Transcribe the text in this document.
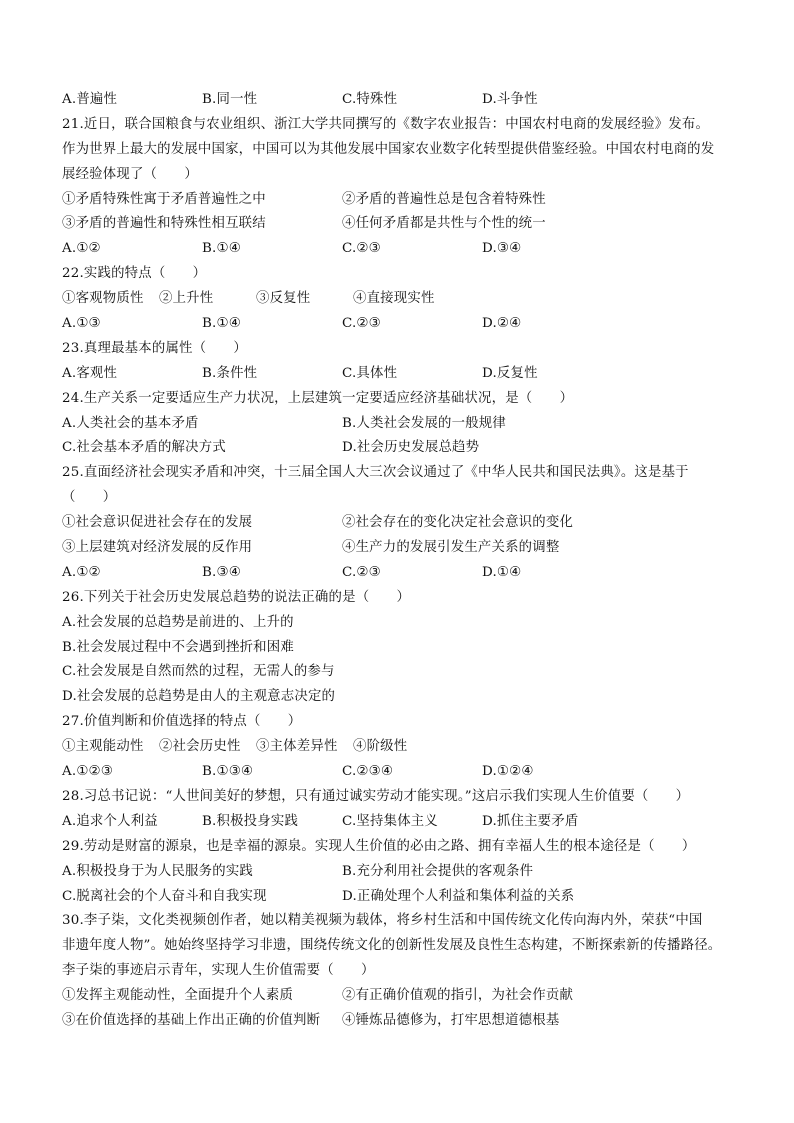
A.普遍性	B.同一性	C.特殊性	D.斗争性
21.近日，联合国粮食与农业组织、浙江大学共同撰写的《数字农业报告：中国农村电商的发展经验》发布。
作为世界上最大的发展中国家，中国可以为其他发展中国家农业数字化转型提供借鉴经验。中国农村电商的发
展经验体现了（　　）
①矛盾特殊性寓于矛盾普遍性之中	②矛盾的普遍性总是包含着特殊性
③矛盾的普遍性和特殊性相互联结	④任何矛盾都是共性与个性的统一
A.①②	B.①④	C.②③	D.③④
22.实践的特点（　　）
①客观物质性	②上升性	③反复性	④直接现实性
A.①③	B.①④	C.②③	D.②④
23.真理最基本的属性（　　）
A.客观性	B.条件性	C.具体性	D.反复性
24.生产关系一定要适应生产力状况，上层建筑一定要适应经济基础状况，是（　　）
A.人类社会的基本矛盾	B.人类社会发展的一般规律
C.社会基本矛盾的解决方式	D.社会历史发展总趋势
25.直面经济社会现实矛盾和冲突，十三届全国人大三次会议通过了《中华人民共和国民法典》。这是基于
（　　）
①社会意识促进社会存在的发展	②社会存在的变化决定社会意识的变化
③上层建筑对经济发展的反作用	④生产力的发展引发生产关系的调整
A.①②	B.③④	C.②③	D.①④
26.下列关于社会历史发展总趋势的说法正确的是（　　）
A.社会发展的总趋势是前进的、上升的
B.社会发展过程中不会遇到挫折和困难
C.社会发展是自然而然的过程，无需人的参与
D.社会发展的总趋势是由人的主观意志决定的
27.价值判断和价值选择的特点（　　）
①主观能动性	②社会历史性	③主体差异性	④阶级性
A.①②③	B.①③④	C.②③④	D.①②④
28.习总书记说：“人世间美好的梦想，只有通过诚实劳动才能实现。”这启示我们实现人生价值要（　　）
A.追求个人利益	B.积极投身实践	C.坚持集体主义	D.抓住主要矛盾
29.劳动是财富的源泉，也是幸福的源泉。实现人生价值的必由之路、拥有幸福人生的根本途径是（　　）
A.积极投身于为人民服务的实践	B.充分利用社会提供的客观条件
C.脱离社会的个人奋斗和自我实现	D.正确处理个人利益和集体利益的关系
30.李子柒，文化类视频创作者，她以精美视频为载体，将乡村生活和中国传统文化传向海内外，荣获“中国
非遗年度人物”。她始终坚持学习非遗，围绕传统文化的创新性发展及良性生态构建，不断探索新的传播路径。
李子柒的事迹启示青年，实现人生价值需要（　　）
①发挥主观能动性，全面提升个人素质	②有正确价值观的指引，为社会作贡献
③在价值选择的基础上作出正确的价值判断	④锤炼品德修为，打牢思想道德根基
